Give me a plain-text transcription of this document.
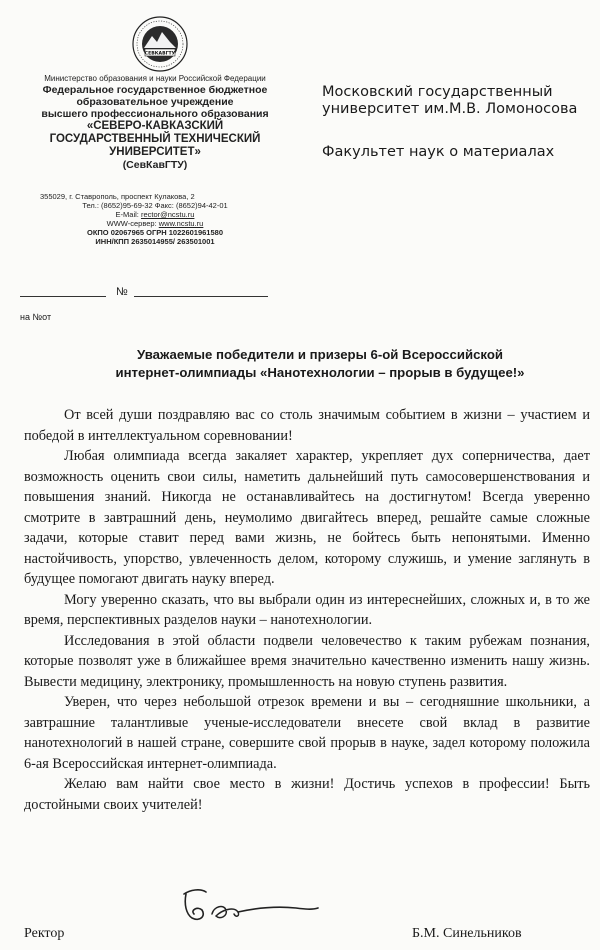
СЕВКАВГТУ
Министерство образования и науки Российской Федерации
Федеральное государственное бюджетное
образовательное учреждение
высшего профессионального образования
«СЕВЕРО-КАВКАЗСКИЙ
ГОСУДАРСТВЕННЫЙ ТЕХНИЧЕСКИЙ
УНИВЕРСИТЕТ»
(СевКавГТУ)
355029, г. Ставрополь, проспект Кулакова, 2
Тел.: (8652)95-69-32 Факс: (8652)94-42-01
E-Mail: rector@ncstu.ru
WWW-сервер: www.ncstu.ru
ОКПО 02067965 ОГРН 1022601961580
ИНН/КПП 2635014955/ 263501001
№
на №от
Московский государственный
университет им.М.В. Ломоносова
Факультет наук о материалах
Уважаемые победители и призеры 6-ой Всероссийской
интернет-олимпиады «Нанотехнологии – прорыв в будущее!»

От всей души поздравляю вас со столь значимым событием в жизни – участием и победой в интеллектуальном соревновании!

Любая олимпиада всегда закаляет характер, укрепляет дух соперничества, дает возможность оценить свои силы, наметить дальнейший путь самосовершенствования и повышения знаний. Никогда не останавливайтесь на достигнутом! Всегда уверенно смотрите в завтрашний день, неумолимо двигайтесь вперед, решайте самые сложные задачи, которые ставит перед вами жизнь, не бойтесь быть непонятыми. Именно настойчивость, упорство, увлеченность делом, которому служишь, и умение заглянуть в будущее помогают двигать науку вперед.

Могу уверенно сказать, что вы выбрали один из интереснейших, сложных и, в то же время, перспективных разделов науки – нанотехнологии.

Исследования в этой области подвели человечество к таким рубежам познания, которые позволят уже в ближайшее время значительно качественно изменить нашу жизнь. Вывести медицину, электронику, промышленность на новую ступень развития.

Уверен, что через небольшой отрезок времени и вы – сегодняшние школьники, а завтрашние талантливые ученые-исследователи внесете свой вклад в развитие нанотехнологий в нашей стране, совершите свой прорыв в науке, задел которому положила 6-ая Всероссийская интернет-олимпиада.

Желаю вам найти свое место в жизни! Достичь успехов в профессии! Быть достойными своих учителей!

Ректор	Б.М. Синельников
